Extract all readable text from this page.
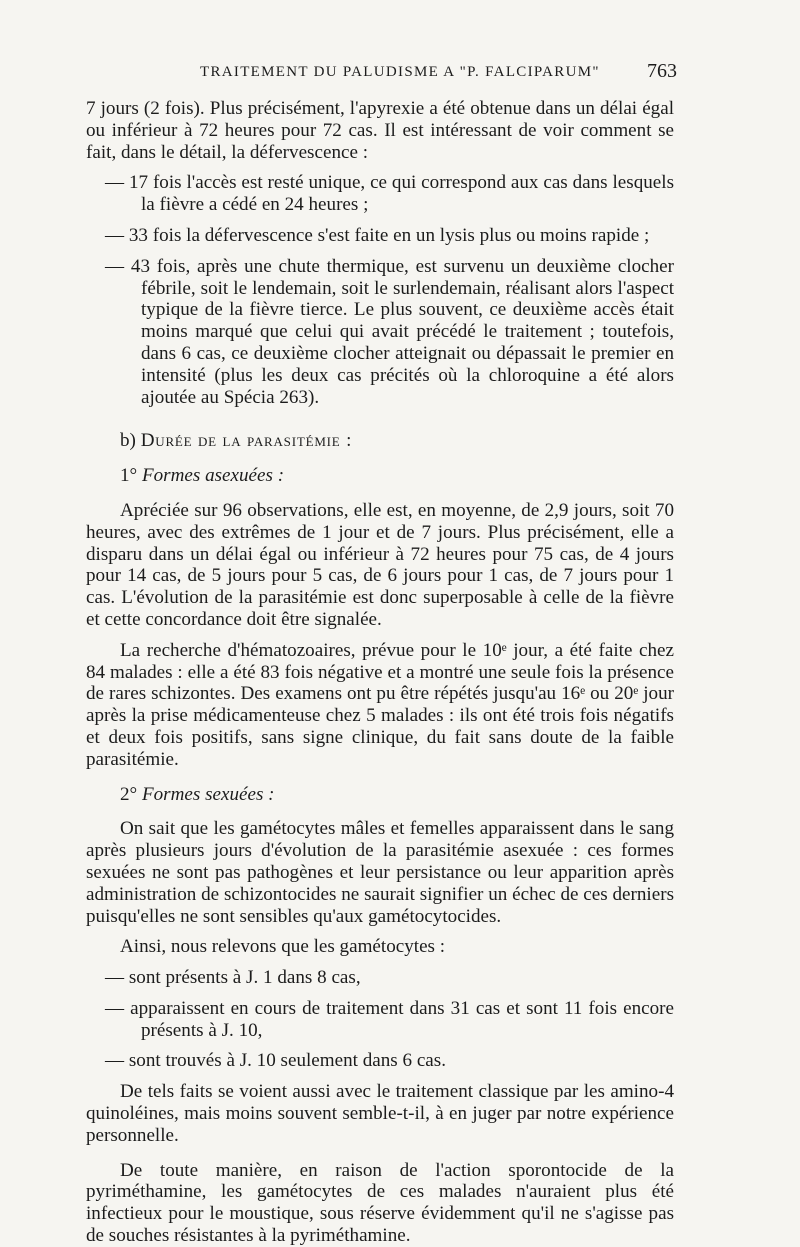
TRAITEMENT DU PALUDISME A "P. FALCIPARUM"	763

7 jours (2 fois). Plus précisément, l'apyrexie a été obtenue dans un délai égal ou inférieur à 72 heures pour 72 cas. Il est intéressant de voir comment se fait, dans le détail, la défervescence :

— 17 fois l'accès est resté unique, ce qui correspond aux cas dans lesquels la fièvre a cédé en 24 heures ;

— 33 fois la défervescence s'est faite en un lysis plus ou moins rapide ;

— 43 fois, après une chute thermique, est survenu un deuxième clocher fébrile, soit le lendemain, soit le surlendemain, réalisant alors l'aspect typique de la fièvre tierce. Le plus souvent, ce deuxième accès était moins marqué que celui qui avait précédé le traitement ; toutefois, dans 6 cas, ce deuxième clocher atteignait ou dépassait le premier en intensité (plus les deux cas précités où la chloroquine a été alors ajoutée au Spécia 263).

b) Durée de la parasitémie :

1° Formes asexuées :

Apréciée sur 96 observations, elle est, en moyenne, de 2,9 jours, soit 70 heures, avec des extrêmes de 1 jour et de 7 jours. Plus précisément, elle a disparu dans un délai égal ou inférieur à 72 heures pour 75 cas, de 4 jours pour 14 cas, de 5 jours pour 5 cas, de 6 jours pour 1 cas, de 7 jours pour 1 cas. L'évolution de la parasitémie est donc superposable à celle de la fièvre et cette concordance doit être signalée.

La recherche d'hématozoaires, prévue pour le 10ᵉ jour, a été faite chez 84 malades : elle a été 83 fois négative et a montré une seule fois la présence de rares schizontes. Des examens ont pu être répétés jusqu'au 16ᵉ ou 20ᵉ jour après la prise médicamenteuse chez 5 malades : ils ont été trois fois négatifs et deux fois positifs, sans signe clinique, du fait sans doute de la faible parasitémie.

2° Formes sexuées :

On sait que les gamétocytes mâles et femelles apparaissent dans le sang après plusieurs jours d'évolution de la parasitémie asexuée : ces formes sexuées ne sont pas pathogènes et leur persistance ou leur apparition après administration de schizontocides ne saurait signifier un échec de ces derniers puisqu'elles ne sont sensibles qu'aux gamétocytocides.

Ainsi, nous relevons que les gamétocytes :

— sont présents à J. 1 dans 8 cas,

— apparaissent en cours de traitement dans 31 cas et sont 11 fois encore présents à J. 10,

— sont trouvés à J. 10 seulement dans 6 cas.

De tels faits se voient aussi avec le traitement classique par les amino-4 quinoléines, mais moins souvent semble-t-il, à en juger par notre expérience personnelle.

De toute manière, en raison de l'action sporontocide de la pyriméthamine, les gamétocytes de ces malades n'auraient plus été infectieux pour le moustique, sous réserve évidemment qu'il ne s'agisse pas de souches résistantes à la pyriméthamine.
